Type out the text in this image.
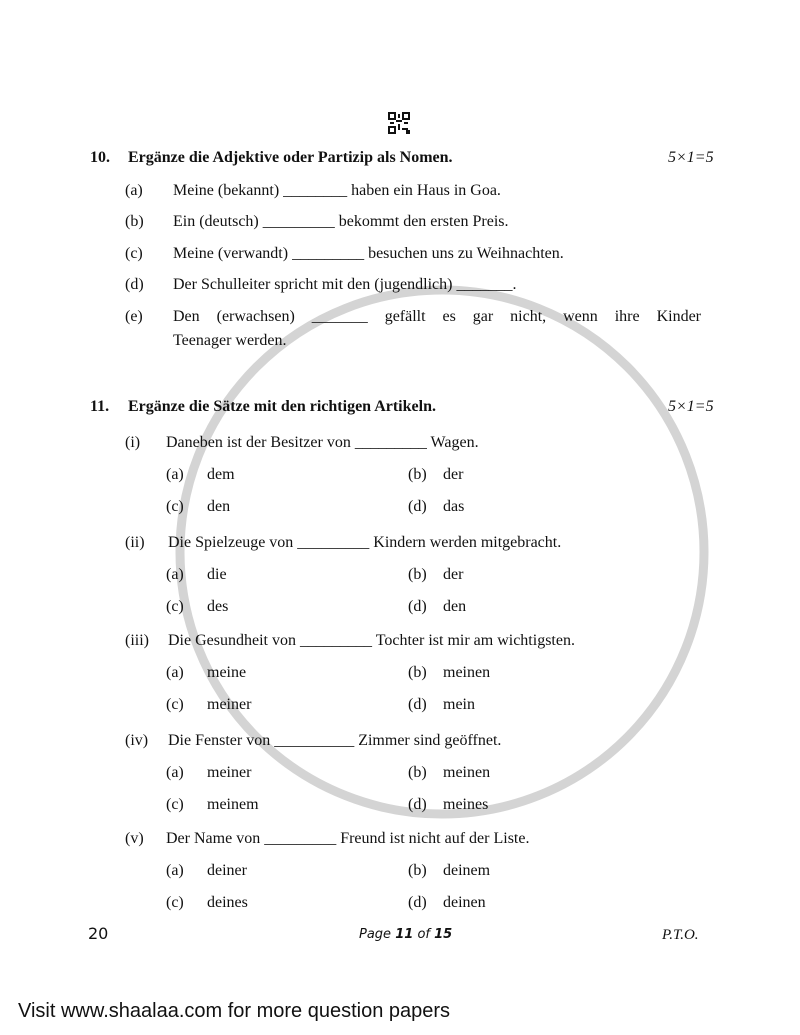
10. Ergänze die Adjektive oder Partizip als Nomen.	5×1=5
(a) Meine (bekannt) ________ haben ein Haus in Goa.
(b) Ein (deutsch) _________ bekommt den ersten Preis.
(c) Meine (verwandt) _________ besuchen uns zu Weihnachten.
(d) Der Schulleiter spricht mit den (jugendlich) _______.
(e) Den (erwachsen) _______ gefällt es gar nicht, wenn ihre Kinder
Teenager werden.
11. Ergänze die Sätze mit den richtigen Artikeln.	5×1=5
(i) Daneben ist der Besitzer von _________ Wagen.
(a) dem	(b) der
(c) den	(d) das
(ii) Die Spielzeuge von _________ Kindern werden mitgebracht.
(a) die	(b) der
(c) des	(d) den
(iii) Die Gesundheit von _________ Tochter ist mir am wichtigsten.
(a) meine	(b) meinen
(c) meiner	(d) mein
(iv) Die Fenster von __________ Zimmer sind geöffnet.
(a) meiner	(b) meinen
(c) meinem	(d) meines
(v) Der Name von _________ Freund ist nicht auf der Liste.
(a) deiner	(b) deinem
(c) deines	(d) deinen
20	Page 11 of 15	P.T.O.
Visit www.shaalaa.com for more question papers
